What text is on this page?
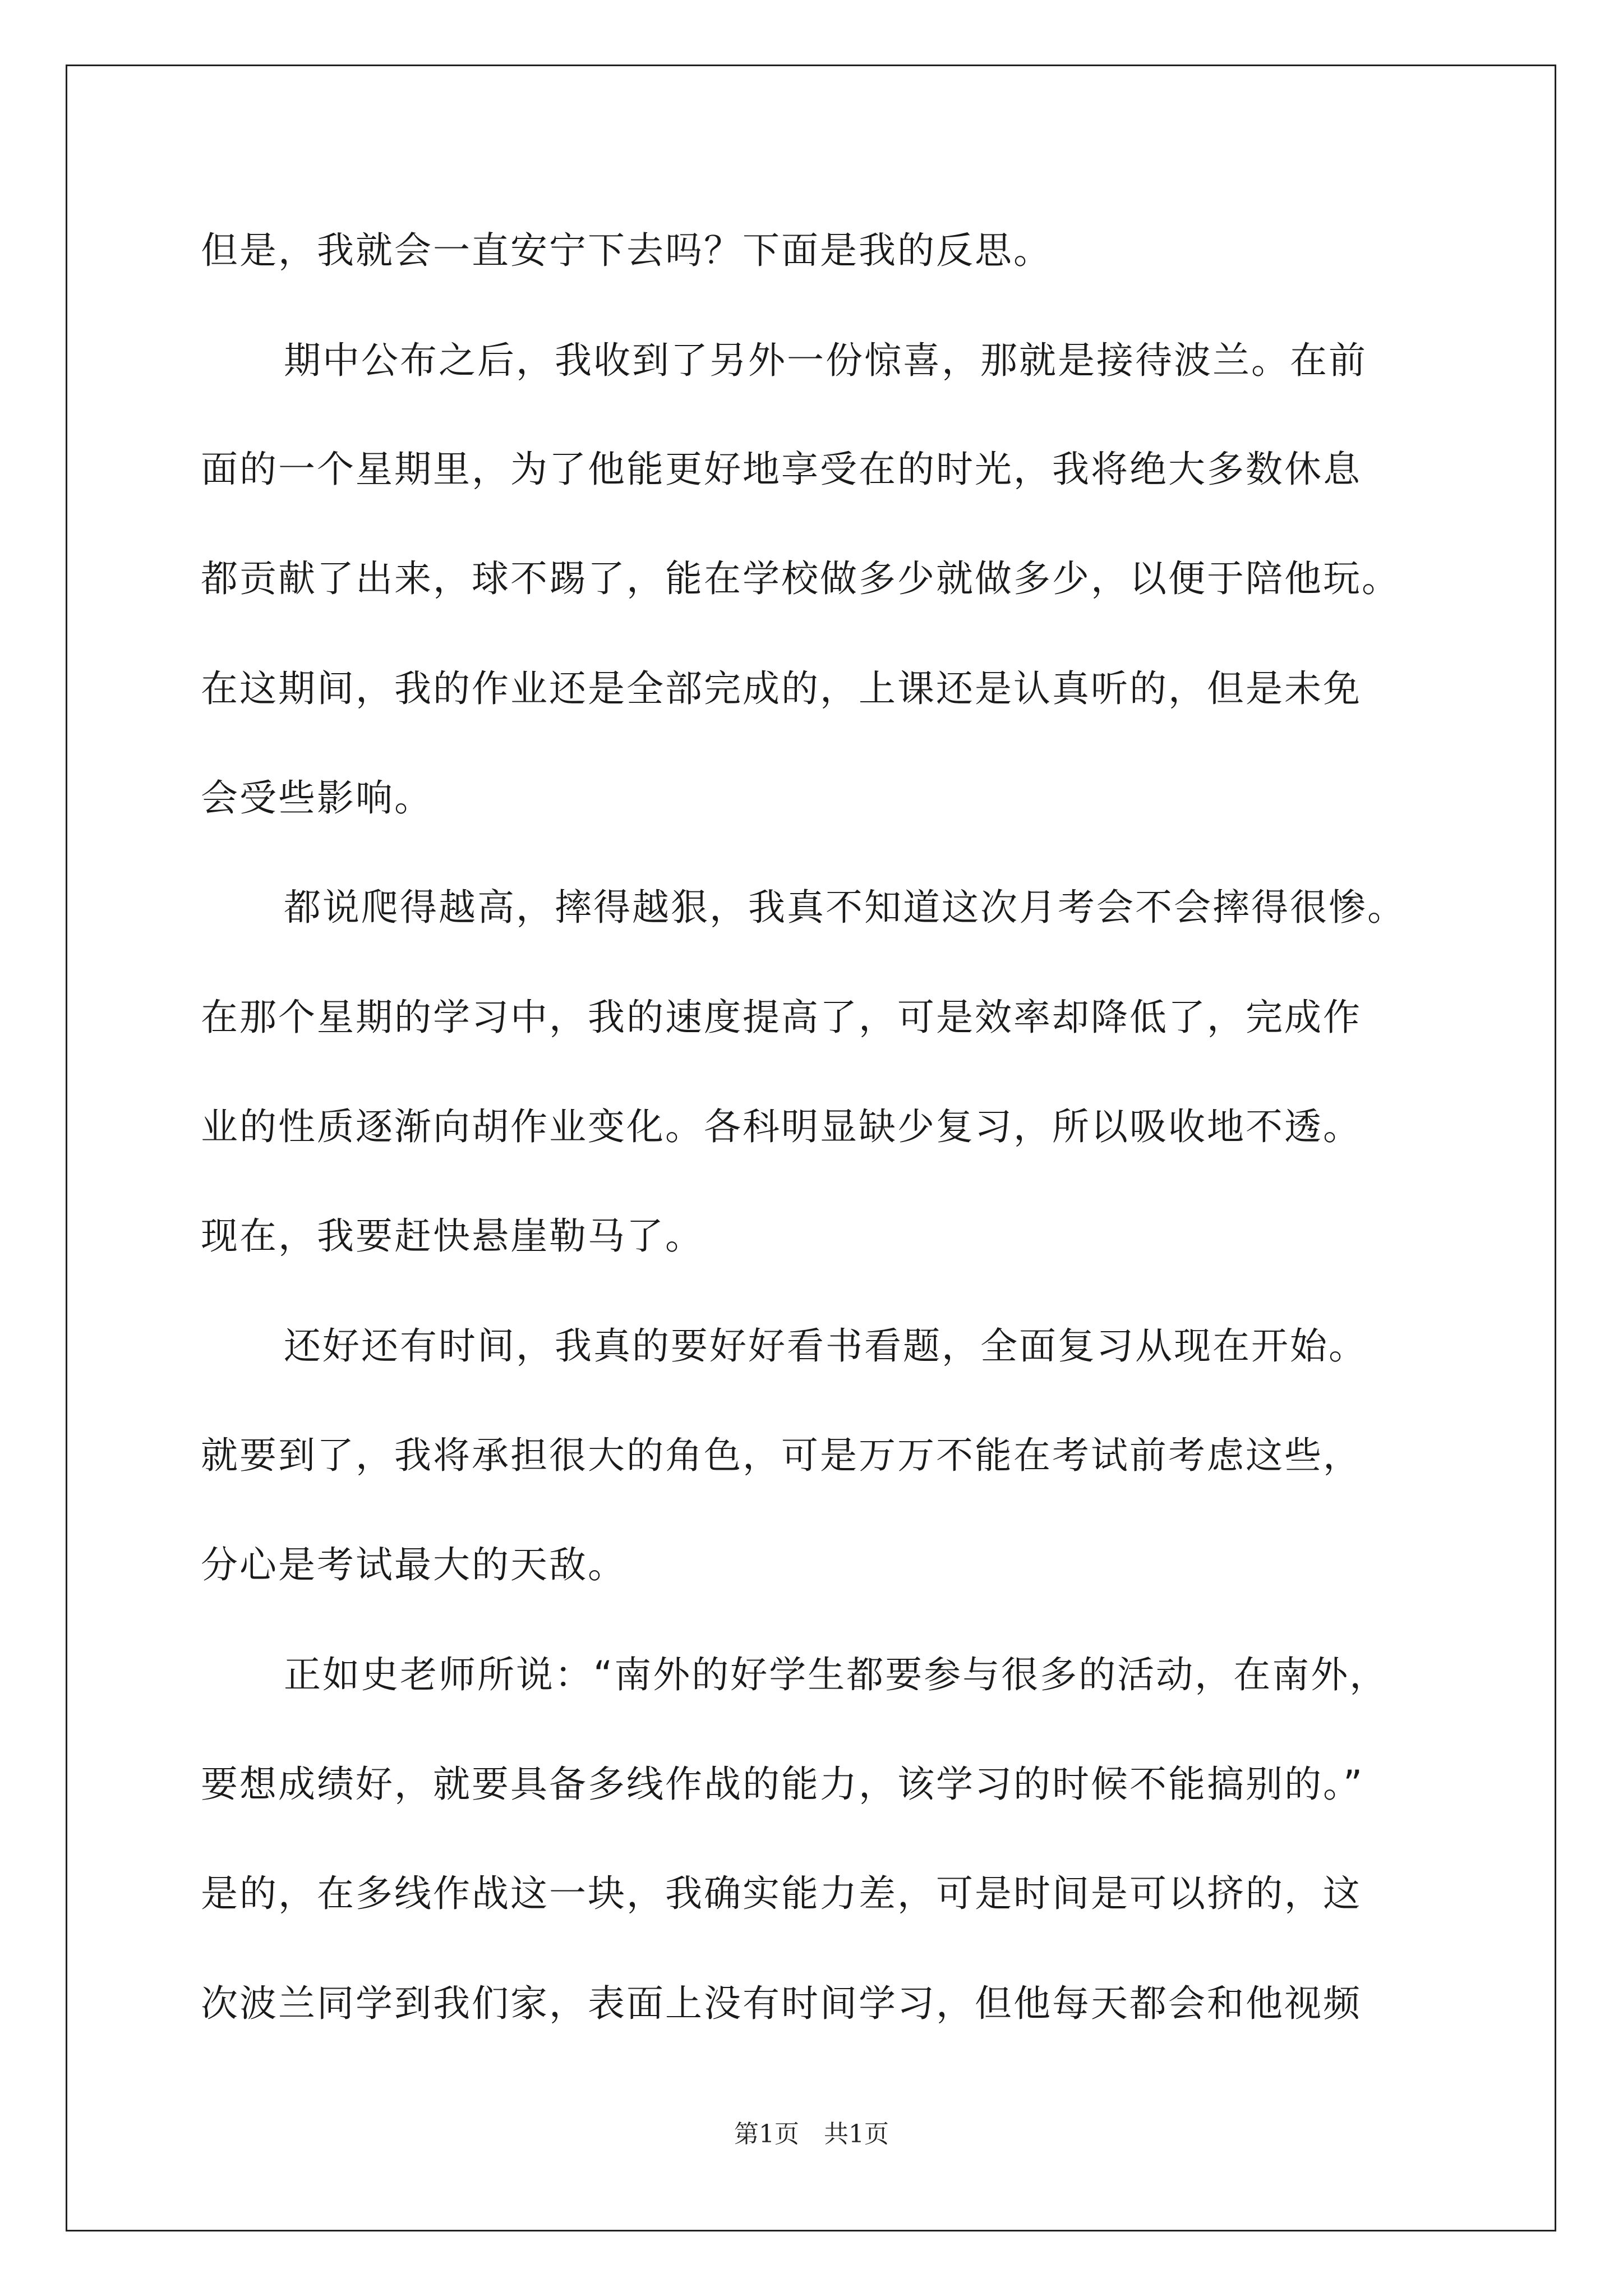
但是，我就会一直安宁下去吗？下面是我的反思。
期中公布之后，我收到了另外一份惊喜，那就是接待波兰。在前
面的一个星期里，为了他能更好地享受在的时光，我将绝大多数休息
都贡献了出来，球不踢了，能在学校做多少就做多少，以便于陪他玩。
在这期间，我的作业还是全部完成的，上课还是认真听的，但是未免
会受些影响。
都说爬得越高，摔得越狠，我真不知道这次月考会不会摔得很惨。
在那个星期的学习中，我的速度提高了，可是效率却降低了，完成作
业的性质逐渐向胡作业变化。各科明显缺少复习，所以吸收地不透。
现在，我要赶快悬崖勒马了。
还好还有时间，我真的要好好看书看题，全面复习从现在开始。
就要到了，我将承担很大的角色，可是万万不能在考试前考虑这些，
分心是考试最大的天敌。
正如史老师所说：“南外的好学生都要参与很多的活动，在南外，
要想成绩好，就要具备多线作战的能力，该学习的时候不能搞别的。”
是的，在多线作战这一块，我确实能力差，可是时间是可以挤的，这
次波兰同学到我们家，表面上没有时间学习，但他每天都会和他视频
第1页　共1页
